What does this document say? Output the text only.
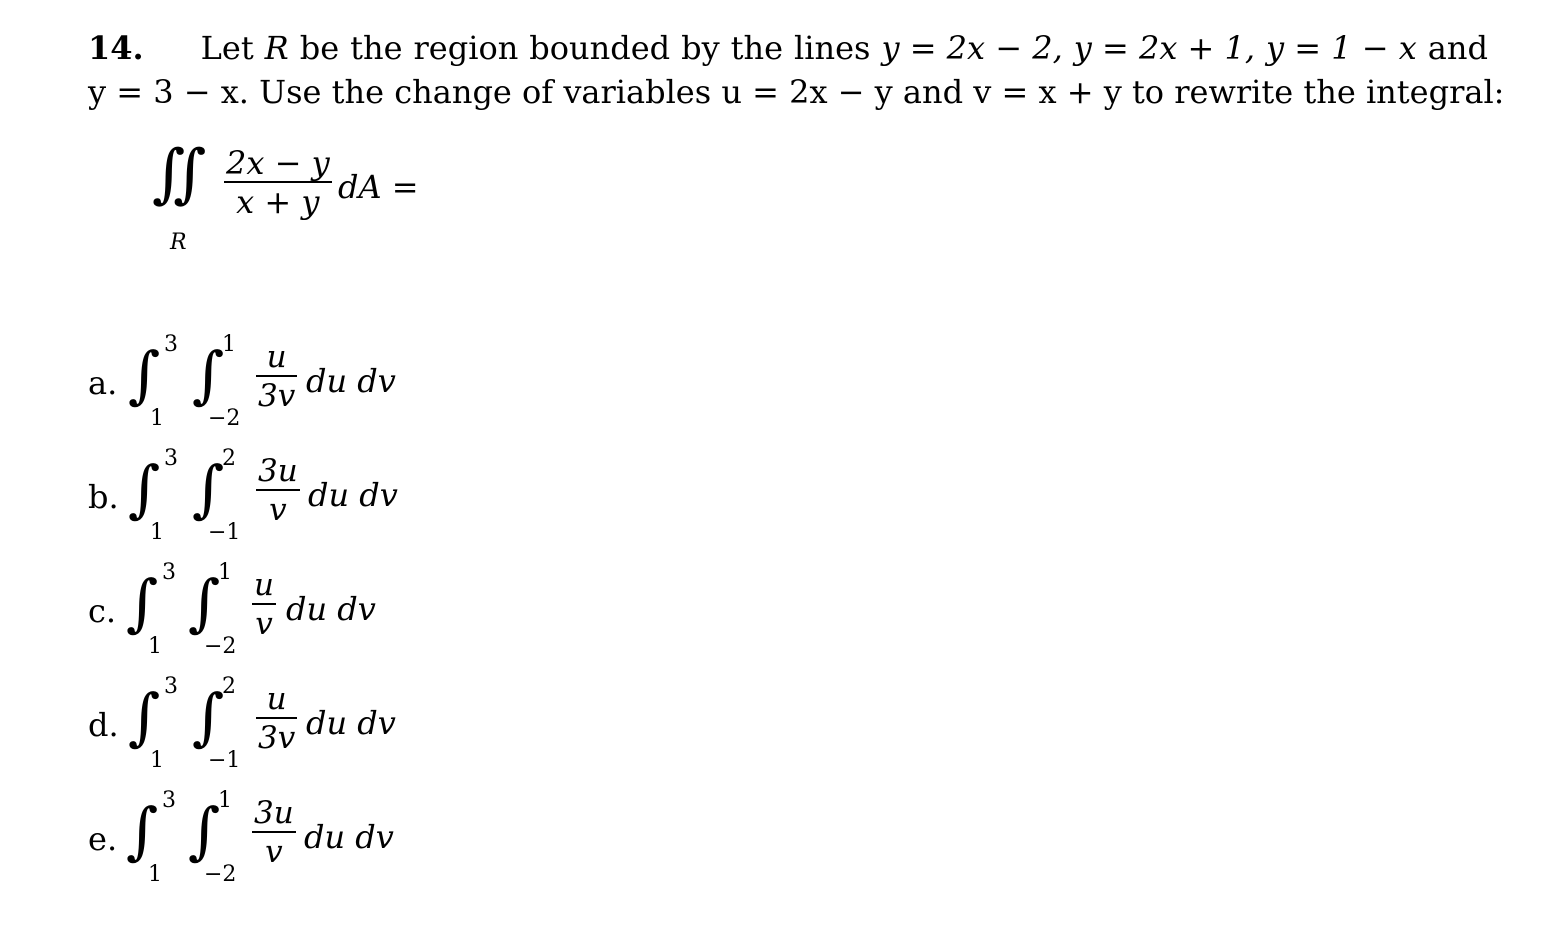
14. Let R be the region bounded by the lines y = 2x − 2, y = 2x + 1, y = 1 − x and
y = 3 − x. Use the change of variables u = 2x − y and v = x + y to rewrite the integral:
∬
R
2x − y
x + y dA =
a. ∫ 3
1
∫
1
−2
u
3v du dv
b. ∫ 3
1
∫
2
−1
3u
v du dv
c. ∫ 3
1
∫
1
−2
u
v du dv
d. ∫ 3
1
∫
2
−1
u
3v du dv
e. ∫ 3
1
∫
1
−2
3u
v du dv
